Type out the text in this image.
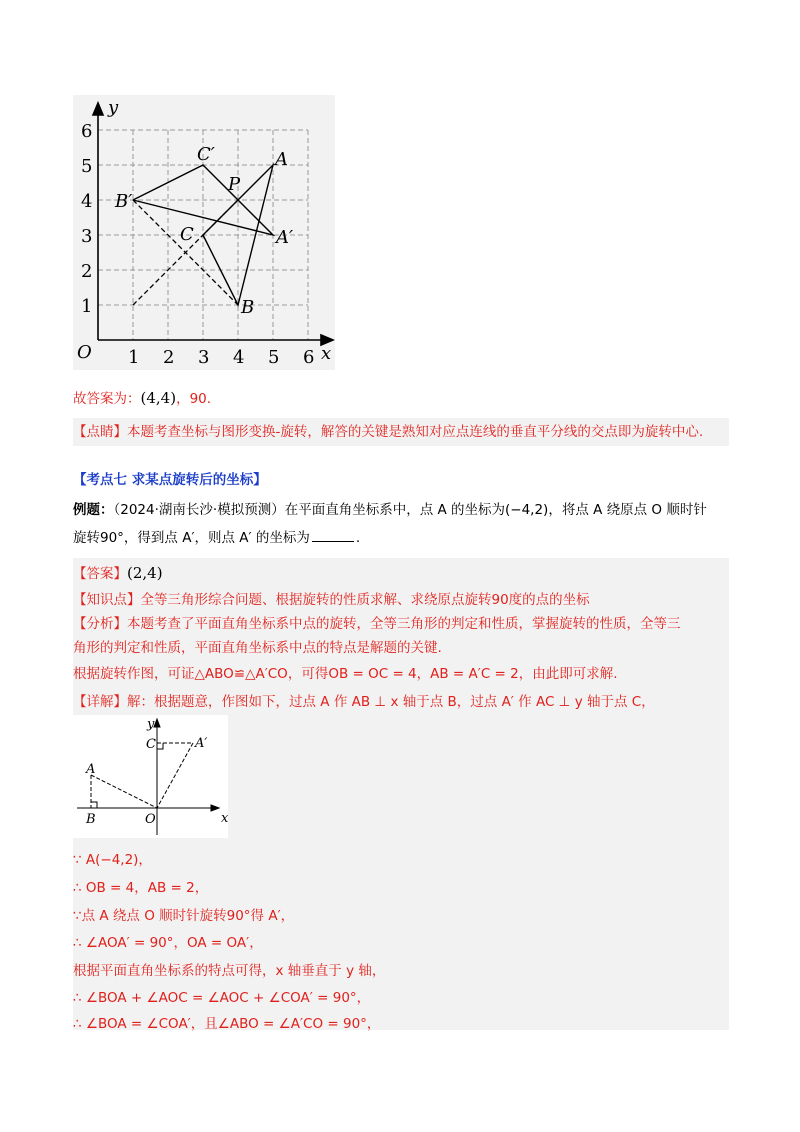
y
x
O
6
5
4
3
2
1
1 2 3 4 5 6
A
A′
B
B′
C
C′
P
故答案为：(4,4)，90.
【点睛】本题考查坐标与图形变换-旋转，解答的关键是熟知对应点连线的垂直平分线的交点即为旋转中心.
【考点七 求某点旋转后的坐标】
例题：（2024·湖南长沙·模拟预测）在平面直角坐标系中，点 A 的坐标为(−4,2)，将点 A 绕原点 O 顺时针
旋转90°，得到点 A′，则点 A′ 的坐标为	.
【答案】(2,4)
【知识点】全等三角形综合问题、根据旋转的性质求解、求绕原点旋转90度的点的坐标
【分析】本题考查了平面直角坐标系中点的旋转，全等三角形的判定和性质，掌握旋转的性质，全等三
角形的判定和性质，平面直角坐标系中点的特点是解题的关键.
根据旋转作图，可证△ABO≌△A′CO，可得OB = OC = 4，AB = A′C = 2，由此即可求解.
【详解】解：根据题意，作图如下，过点 A 作 AB ⊥ x 轴于点 B，过点 A′ 作 AC ⊥ y 轴于点 C，
x
y
O
A
A′
B
C
∵ A(−4,2)，
∴ OB = 4，AB = 2，
∵点 A 绕点 O 顺时针旋转90°得 A′，
∴ ∠AOA′ = 90°，OA = OA′，
根据平面直角坐标系的特点可得，x 轴垂直于 y 轴，
∴ ∠BOA + ∠AOC = ∠AOC + ∠COA′ = 90°，
∴ ∠BOA = ∠COA′，且∠ABO = ∠A′CO = 90°，
